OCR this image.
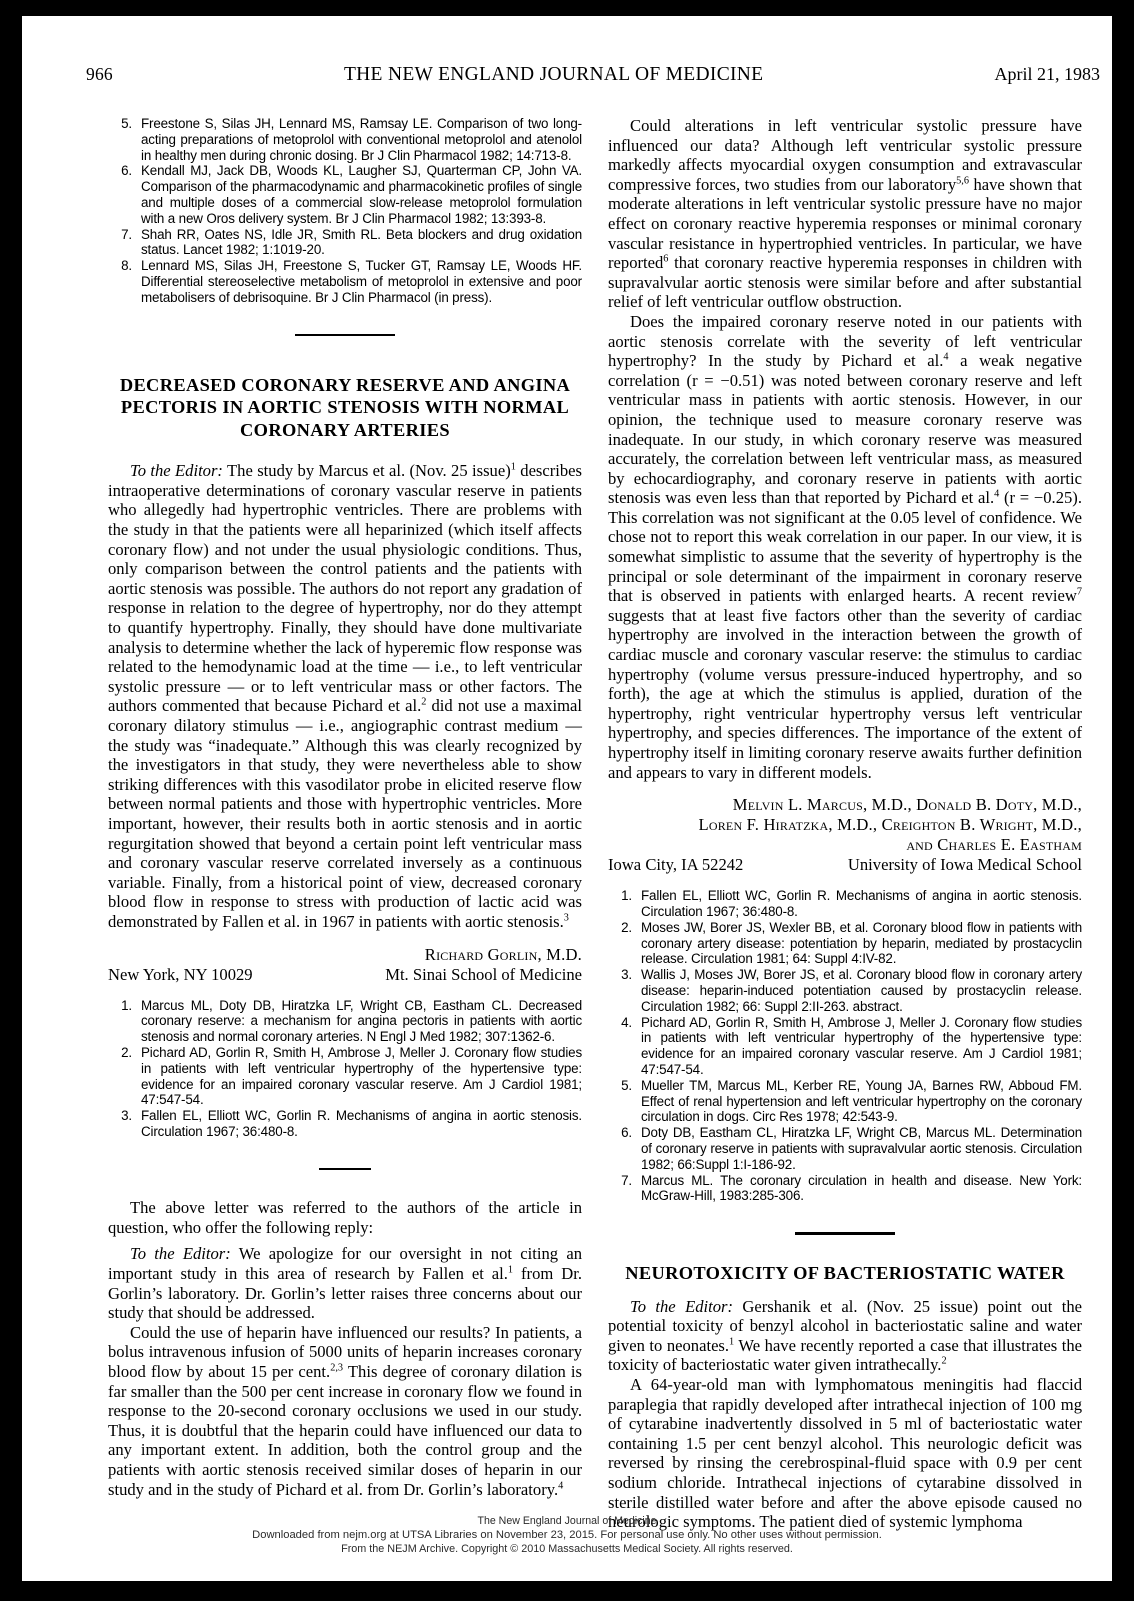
966	THE NEW ENGLAND JOURNAL OF MEDICINE	April 21, 1983
5 . Freestone S, Silas JH, Lennard MS, Ramsay LE. Comparison of two long-acting preparations of metoprolol with conventional metoprolol and atenolol in healthy men during chronic dosing. Br J Clin Pharmacol 1982; 14:713-8.
6 . Kendall MJ, Jack DB, Woods KL, Laugher SJ, Quarterman CP, John VA. Comparison of the pharmacodynamic and pharmacokinetic profiles of single and multiple doses of a commercial slow-release metoprolol formulation with a new Oros delivery system. Br J Clin Pharmacol 1982; 13:393-8.
7 . Shah RR, Oates NS, Idle JR, Smith RL. Beta blockers and drug oxidation status. Lancet 1982; 1:1019-20.
8 . Lennard MS, Silas JH, Freestone S, Tucker GT, Ramsay LE, Woods HF. Differential stereoselective metabolism of metoprolol in extensive and poor metabolisers of debrisoquine. Br J Clin Pharmacol (in press).
DECREASED CORONARY RESERVE AND ANGINA PECTORIS IN AORTIC STENOSIS WITH NORMAL CORONARY ARTERIES

To the Editor: The study by Marcus et al. (Nov. 25 issue)$^1$ describes intraoperative determinations of coronary vascular reserve in patients who allegedly had hypertrophic ventricles. There are problems with the study in that the patients were all heparinized (which itself affects coronary flow) and not under the usual physiologic conditions. Thus, only comparison between the control patients and the patients with aortic stenosis was possible. The authors do not report any gradation of response in relation to the degree of hypertrophy, nor do they attempt to quantify hypertrophy. Finally, they should have done multivariate analysis to determine whether the lack of hyperemic flow response was related to the hemodynamic load at the time — i.e., to left ventricular systolic pressure — or to left ventricular mass or other factors. The authors commented that because Pichard et al.$^2$ did not use a maximal coronary dilatory stimulus — i.e., angiographic contrast medium — the study was “inadequate.” Although this was clearly recognized by the investigators in that study, they were nevertheless able to show striking differences with this vasodilator probe in elicited reserve flow between normal patients and those with hypertrophic ventricles. More important, however, their results both in aortic stenosis and in aortic regurgitation showed that beyond a certain point left ventricular mass and coronary vascular reserve correlated inversely as a continuous variable. Finally, from a historical point of view, decreased coronary blood flow in response to stress with production of lactic acid was demonstrated by Fallen et al. in 1967 in patients with aortic stenosis.$^3$

Richard Gorlin, M.D.
New York, NY 10029	Mt. Sinai School of Medicine
1 . Marcus ML, Doty DB, Hiratzka LF, Wright CB, Eastham CL. Decreased coronary reserve: a mechanism for angina pectoris in patients with aortic stenosis and normal coronary arteries. N Engl J Med 1982; 307:1362-6.
2 . Pichard AD, Gorlin R, Smith H, Ambrose J, Meller J. Coronary flow studies in patients with left ventricular hypertrophy of the hypertensive type: evidence for an impaired coronary vascular reserve. Am J Cardiol 1981; 47:547-54.
3 . Fallen EL, Elliott WC, Gorlin R. Mechanisms of angina in aortic stenosis. Circulation 1967; 36:480-8.

The above letter was referred to the authors of the article in question, who offer the following reply:

To the Editor: We apologize for our oversight in not citing an important study in this area of research by Fallen et al.$^1$ from Dr. Gorlin’s laboratory. Dr. Gorlin’s letter raises three concerns about our study that should be addressed.

Could the use of heparin have influenced our results? In patients, a bolus intravenous infusion of 5000 units of heparin increases coronary blood flow by about 15 per cent.$^{2,3}$ This degree of coronary dilation is far smaller than the 500 per cent increase in coronary flow we found in response to the 20-second coronary occlusions we used in our study. Thus, it is doubtful that the heparin could have influenced our data to any important extent. In addition, both the control group and the patients with aortic stenosis received similar doses of heparin in our study and in the study of Pichard et al. from Dr. Gorlin’s laboratory.$^4$

Could alterations in left ventricular systolic pressure have influenced our data? Although left ventricular systolic pressure markedly affects myocardial oxygen consumption and extravascular compressive forces, two studies from our laboratory$^{5,6}$ have shown that moderate alterations in left ventricular systolic pressure have no major effect on coronary reactive hyperemia responses or minimal coronary vascular resistance in hypertrophied ventricles. In particular, we have reported$^6$ that coronary reactive hyperemia responses in children with supravalvular aortic stenosis were similar before and after substantial relief of left ventricular outflow obstruction.

Does the impaired coronary reserve noted in our patients with aortic stenosis correlate with the severity of left ventricular hypertrophy? In the study by Pichard et al.$^4$ a weak negative correlation (r = −0.51) was noted between coronary reserve and left ventricular mass in patients with aortic stenosis. However, in our opinion, the technique used to measure coronary reserve was inadequate. In our study, in which coronary reserve was measured accurately, the correlation between left ventricular mass, as measured by echocardiography, and coronary reserve in patients with aortic stenosis was even less than that reported by Pichard et al.$^4$ (r = −0.25). This correlation was not significant at the 0.05 level of confidence. We chose not to report this weak correlation in our paper. In our view, it is somewhat simplistic to assume that the severity of hypertrophy is the principal or sole determinant of the impairment in coronary reserve that is observed in patients with enlarged hearts. A recent review$^7$ suggests that at least five factors other than the severity of cardiac hypertrophy are involved in the interaction between the growth of cardiac muscle and coronary vascular reserve: the stimulus to cardiac hypertrophy (volume versus pressure-induced hypertrophy, and so forth), the age at which the stimulus is applied, duration of the hypertrophy, right ventricular hypertrophy versus left ventricular hypertrophy, and species differences. The importance of the extent of hypertrophy itself in limiting coronary reserve awaits further definition and appears to vary in different models.

Melvin L. Marcus, M.D., Donald B. Doty, M.D.,
Loren F. Hiratzka, M.D., Creighton B. Wright, M.D.,
and Charles E. Eastham
Iowa City, IA 52242	University of Iowa Medical School
1 . Fallen EL, Elliott WC, Gorlin R. Mechanisms of angina in aortic stenosis. Circulation 1967; 36:480-8.
2 . Moses JW, Borer JS, Wexler BB, et al. Coronary blood flow in patients with coronary artery disease: potentiation by heparin, mediated by prostacyclin release. Circulation 1981; 64: Suppl 4:IV-82.
3 . Wallis J, Moses JW, Borer JS, et al. Coronary blood flow in coronary artery disease: heparin-induced potentiation caused by prostacyclin release. Circulation 1982; 66: Suppl 2:II-263. abstract.
4 . Pichard AD, Gorlin R, Smith H, Ambrose J, Meller J. Coronary flow studies in patients with left ventricular hypertrophy of the hypertensive type: evidence for an impaired coronary vascular reserve. Am J Cardiol 1981; 47:547-54.
5 . Mueller TM, Marcus ML, Kerber RE, Young JA, Barnes RW, Abboud FM. Effect of renal hypertension and left ventricular hypertrophy on the coronary circulation in dogs. Circ Res 1978; 42:543-9.
6 . Doty DB, Eastham CL, Hiratzka LF, Wright CB, Marcus ML. Determination of coronary reserve in patients with supravalvular aortic stenosis. Circulation 1982; 66:Suppl 1:I-186-92.
7 . Marcus ML. The coronary circulation in health and disease. New York: McGraw-Hill, 1983:285-306.
NEUROTOXICITY OF BACTERIOSTATIC WATER

To the Editor: Gershanik et al. (Nov. 25 issue) point out the potential toxicity of benzyl alcohol in bacteriostatic saline and water given to neonates.$^1$ We have recently reported a case that illustrates the toxicity of bacteriostatic water given intrathecally.$^2$

A 64-year-old man with lymphomatous meningitis had flaccid paraplegia that rapidly developed after intrathecal injection of 100 mg of cytarabine inadvertently dissolved in 5 ml of bacteriostatic water containing 1.5 per cent benzyl alcohol. This neurologic deficit was reversed by rinsing the cerebrospinal-fluid space with 0.9 per cent sodium chloride. Intrathecal injections of cytarabine dissolved in sterile distilled water before and after the above episode caused no neurologic symptoms. The patient died of systemic lymphoma

The New England Journal of Medicine
Downloaded from nejm.org at UTSA Libraries on November 23, 2015. For personal use only. No other uses without permission.
From the NEJM Archive. Copyright © 2010 Massachusetts Medical Society. All rights reserved.
